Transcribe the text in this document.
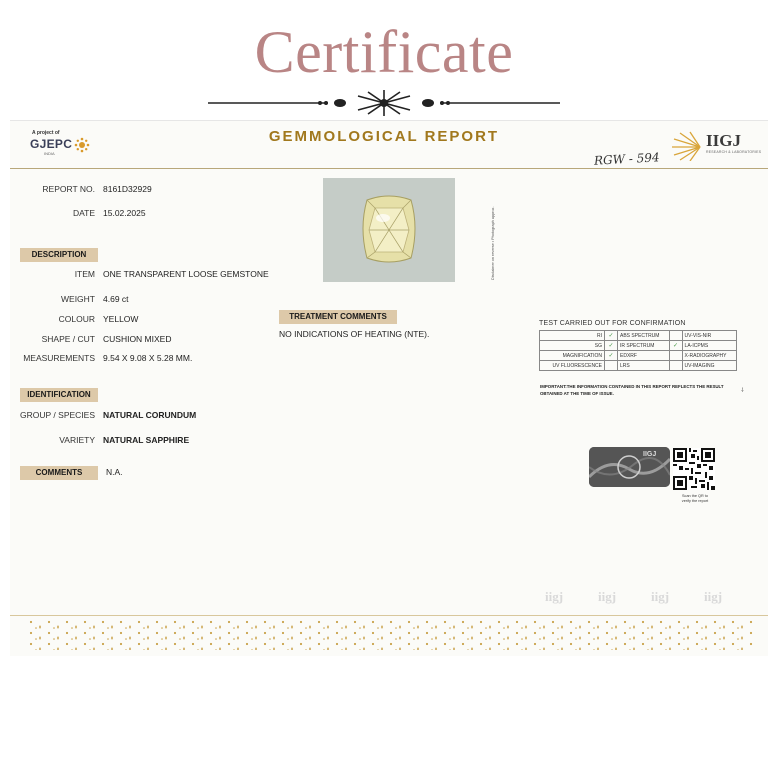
Certificate
A project of
GJEPC
INDIA
GEMMOLOGICAL REPORT	IIGJ
RESEARCH & LABORATORIES
RGW - 594
REPORT NO. 8161D32929
DATE 15.02.2025
DESCRIPTION
ITEM ONE TRANSPARENT LOOSE GEMSTONE
WEIGHT 4.69 ct
COLOUR YELLOW
SHAPE / CUT CUSHION MIXED
MEASUREMENTS 9.54 X 9.08 X 5.28 MM.
IDENTIFICATION
GROUP / SPECIES NATURAL CORUNDUM
VARIETY NATURAL SAPPHIRE
COMMENTS	N.A.
Disclaimer on reverse • Photograph approx.
TREATMENT COMMENTS
NO INDICATIONS OF HEATING (NTE).
TEST CARRIED OUT FOR CONFIRMATION
RI	✓	ABS SPECTRUM		UV-VIS-NIR
SG	✓	IR SPECTRUM	✓	LA-ICPMS
MAGNIFICATION	✓	EDXRF		X-RADIOGRAPHY
UV FLUORESCENCE		LRS		UV-IMAGING
IMPORTANT:THE INFORMATION CONTAINED IN THIS REPORT REFLECTS THE RESULT OBTAINED AT THE TIME OF ISSUE.	⸸
IIGJ
Scan the QR to
verify the report
iigj	iigj	iigj	iigj
